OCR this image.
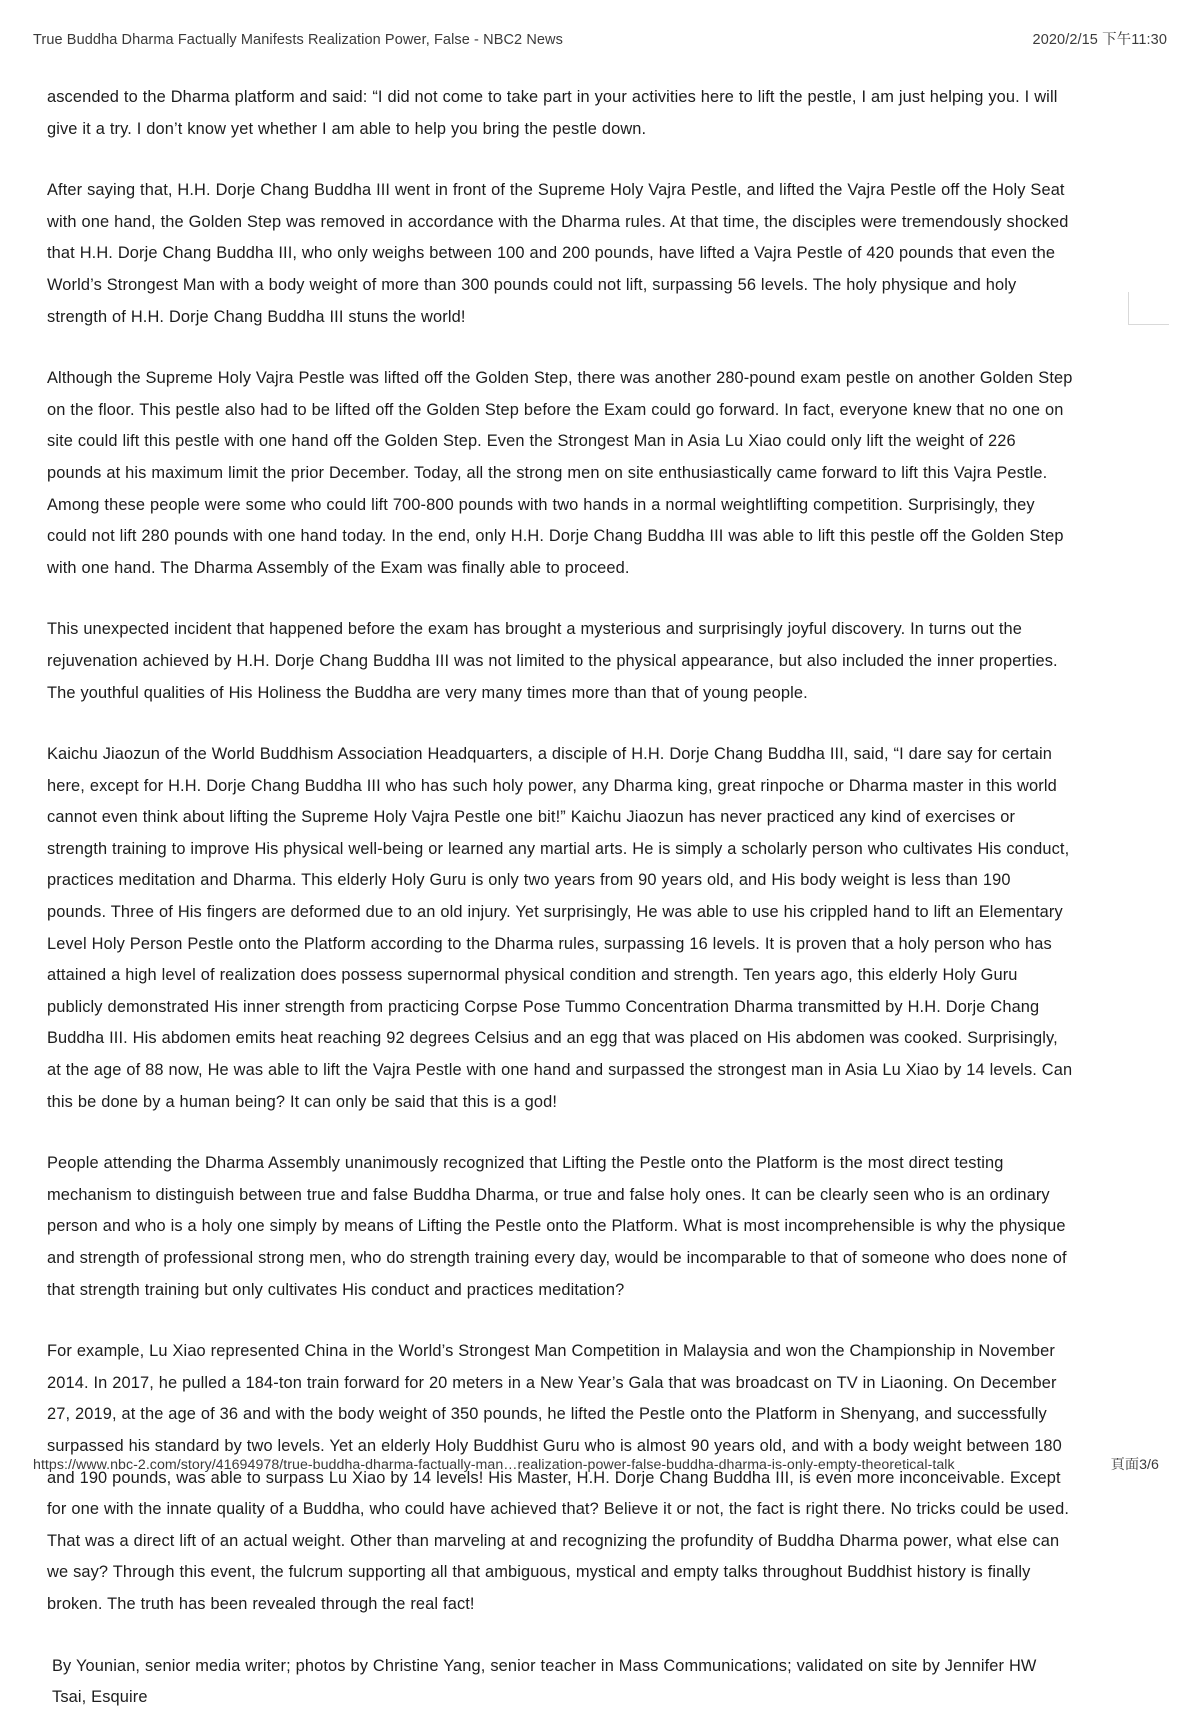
True Buddha Dharma Factually Manifests Realization Power, False - NBC2 News	2020/2/15 下午11:30

ascended to the Dharma platform and said: “I did not come to take part in your activities here to lift the pestle, I am just helping you. I will give it a try. I don’t know yet whether I am able to help you bring the pestle down.

After saying that, H.H. Dorje Chang Buddha III went in front of the Supreme Holy Vajra Pestle, and lifted the Vajra Pestle off the Holy Seat with one hand, the Golden Step was removed in accordance with the Dharma rules. At that time, the disciples were tremendously shocked that H.H. Dorje Chang Buddha III, who only weighs between 100 and 200 pounds, have lifted a Vajra Pestle of 420 pounds that even the World’s Strongest Man with a body weight of more than 300 pounds could not lift, surpassing 56 levels. The holy physique and holy strength of H.H. Dorje Chang Buddha III stuns the world!

Although the Supreme Holy Vajra Pestle was lifted off the Golden Step, there was another 280-pound exam pestle on another Golden Step on the floor. This pestle also had to be lifted off the Golden Step before the Exam could go forward. In fact, everyone knew that no one on site could lift this pestle with one hand off the Golden Step. Even the Strongest Man in Asia Lu Xiao could only lift the weight of 226 pounds at his maximum limit the prior December. Today, all the strong men on site enthusiastically came forward to lift this Vajra Pestle. Among these people were some who could lift 700-800 pounds with two hands in a normal weightlifting competition. Surprisingly, they could not lift 280 pounds with one hand today. In the end, only H.H. Dorje Chang Buddha III was able to lift this pestle off the Golden Step with one hand. The Dharma Assembly of the Exam was finally able to proceed.

This unexpected incident that happened before the exam has brought a mysterious and surprisingly joyful discovery. In turns out the rejuvenation achieved by H.H. Dorje Chang Buddha III was not limited to the physical appearance, but also included the inner properties. The youthful qualities of His Holiness the Buddha are very many times more than that of young people.

Kaichu Jiaozun of the World Buddhism Association Headquarters, a disciple of H.H. Dorje Chang Buddha III, said, “I dare say for certain here, except for H.H. Dorje Chang Buddha III who has such holy power, any Dharma king, great rinpoche or Dharma master in this world cannot even think about lifting the Supreme Holy Vajra Pestle one bit!” Kaichu Jiaozun has never practiced any kind of exercises or strength training to improve His physical well-being or learned any martial arts. He is simply a scholarly person who cultivates His conduct, practices meditation and Dharma. This elderly Holy Guru is only two years from 90 years old, and His body weight is less than 190 pounds. Three of His fingers are deformed due to an old injury. Yet surprisingly, He was able to use his crippled hand to lift an Elementary Level Holy Person Pestle onto the Platform according to the Dharma rules, surpassing 16 levels. It is proven that a holy person who has attained a high level of realization does possess supernormal physical condition and strength. Ten years ago, this elderly Holy Guru publicly demonstrated His inner strength from practicing Corpse Pose Tummo Concentration Dharma transmitted by H.H. Dorje Chang Buddha III. His abdomen emits heat reaching 92 degrees Celsius and an egg that was placed on His abdomen was cooked. Surprisingly, at the age of 88 now, He was able to lift the Vajra Pestle with one hand and surpassed the strongest man in Asia Lu Xiao by 14 levels. Can this be done by a human being? It can only be said that this is a god!

People attending the Dharma Assembly unanimously recognized that Lifting the Pestle onto the Platform is the most direct testing mechanism to distinguish between true and false Buddha Dharma, or true and false holy ones. It can be clearly seen who is an ordinary person and who is a holy one simply by means of Lifting the Pestle onto the Platform. What is most incomprehensible is why the physique and strength of professional strong men, who do strength training every day, would be incomparable to that of someone who does none of that strength training but only cultivates His conduct and practices meditation?

For example, Lu Xiao represented China in the World’s Strongest Man Competition in Malaysia and won the Championship in November 2014. In 2017, he pulled a 184-ton train forward for 20 meters in a New Year’s Gala that was broadcast on TV in Liaoning. On December 27, 2019, at the age of 36 and with the body weight of 350 pounds, he lifted the Pestle onto the Platform in Shenyang, and successfully surpassed his standard by two levels. Yet an elderly Holy Buddhist Guru who is almost 90 years old, and with a body weight between 180 and 190 pounds, was able to surpass Lu Xiao by 14 levels! His Master, H.H. Dorje Chang Buddha III, is even more inconceivable. Except for one with the innate quality of a Buddha, who could have achieved that? Believe it or not, the fact is right there. No tricks could be used. That was a direct lift of an actual weight. Other than marveling at and recognizing the profundity of Buddha Dharma power, what else can we say? Through this event, the fulcrum supporting all that ambiguous, mystical and empty talks throughout Buddhist history is finally broken. The truth has been revealed through the real fact!

By Younian, senior media writer; photos by Christine Yang, senior teacher in Mass Communications; validated on site by Jennifer HW Tsai, Esquire

https://www.nbc-2.com/story/41694978/true-buddha-dharma-factually-man…realization-power-false-buddha-dharma-is-only-empty-theoretical-talk	頁面3/6
